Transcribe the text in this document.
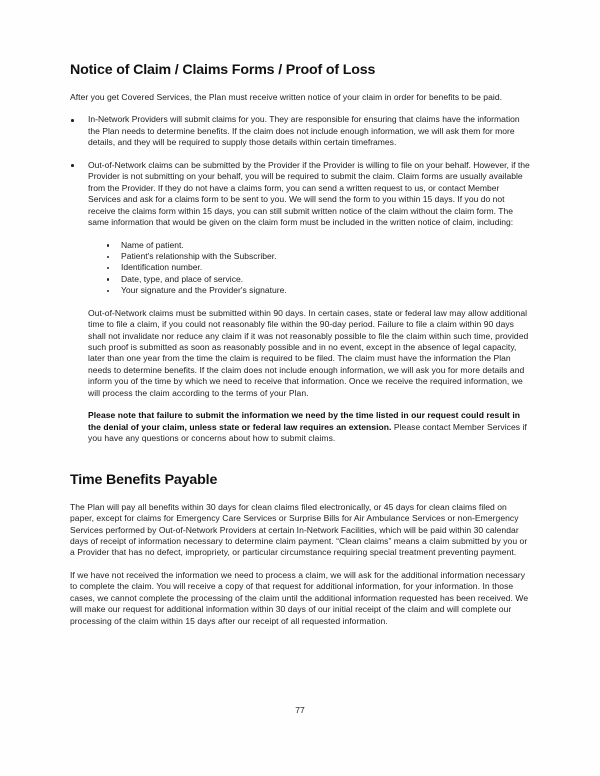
Notice of Claim / Claims Forms / Proof of Loss

After you get Covered Services, the Plan must receive written notice of your claim in order for benefits to be paid.

In-Network Providers will submit claims for you. They are responsible for ensuring that claims have the information the Plan needs to determine benefits. If the claim does not include enough information, we will ask them for more details, and they will be required to supply those details within certain timeframes.
Out-of-Network claims can be submitted by the Provider if the Provider is willing to file on your behalf. However, if the Provider is not submitting on your behalf, you will be required to submit the claim. Claim forms are usually available from the Provider. If they do not have a claims form, you can send a written request to us, or contact Member Services and ask for a claims form to be sent to you. We will send the form to you within 15 days. If you do not receive the claims form within 15 days, you can still submit written notice of the claim without the claim form. The same information that would be given on the claim form must be included in the written notice of claim, including:
Name of patient.
Patient's relationship with the Subscriber.
Identification number.
Date, type, and place of service.
Your signature and the Provider's signature.

Out-of-Network claims must be submitted within 90 days. In certain cases, state or federal law may allow additional time to file a claim, if you could not reasonably file within the 90-day period. Failure to file a claim within 90 days shall not invalidate nor reduce any claim if it was not reasonably possible to file the claim within such time, provided such proof is submitted as soon as reasonably possible and in no event, except in the absence of legal capacity, later than one year from the time the claim is required to be filed. The claim must have the information the Plan needs to determine benefits. If the claim does not include enough information, we will ask you for more details and inform you of the time by which we need to receive that information. Once we receive the required information, we will process the claim according to the terms of your Plan.

Please note that failure to submit the information we need by the time listed in our request could result in the denial of your claim, unless state or federal law requires an extension. Please contact Member Services if you have any questions or concerns about how to submit claims.

Time Benefits Payable

The Plan will pay all benefits within 30 days for clean claims filed electronically, or 45 days for clean claims filed on paper, except for claims for Emergency Care Services or Surprise Bills for Air Ambulance Services or non-Emergency Services performed by Out-of-Network Providers at certain In-Network Facilities, which will be paid within 30 calendar days of receipt of information necessary to determine claim payment. “Clean claims” means a claim submitted by you or a Provider that has no defect, impropriety, or particular circumstance requiring special treatment preventing payment.

If we have not received the information we need to process a claim, we will ask for the additional information necessary to complete the claim. You will receive a copy of that request for additional information, for your information. In those cases, we cannot complete the processing of the claim until the additional information requested has been received. We will make our request for additional information within 30 days of our initial receipt of the claim and will complete our processing of the claim within 15 days after our receipt of all requested information.

77
